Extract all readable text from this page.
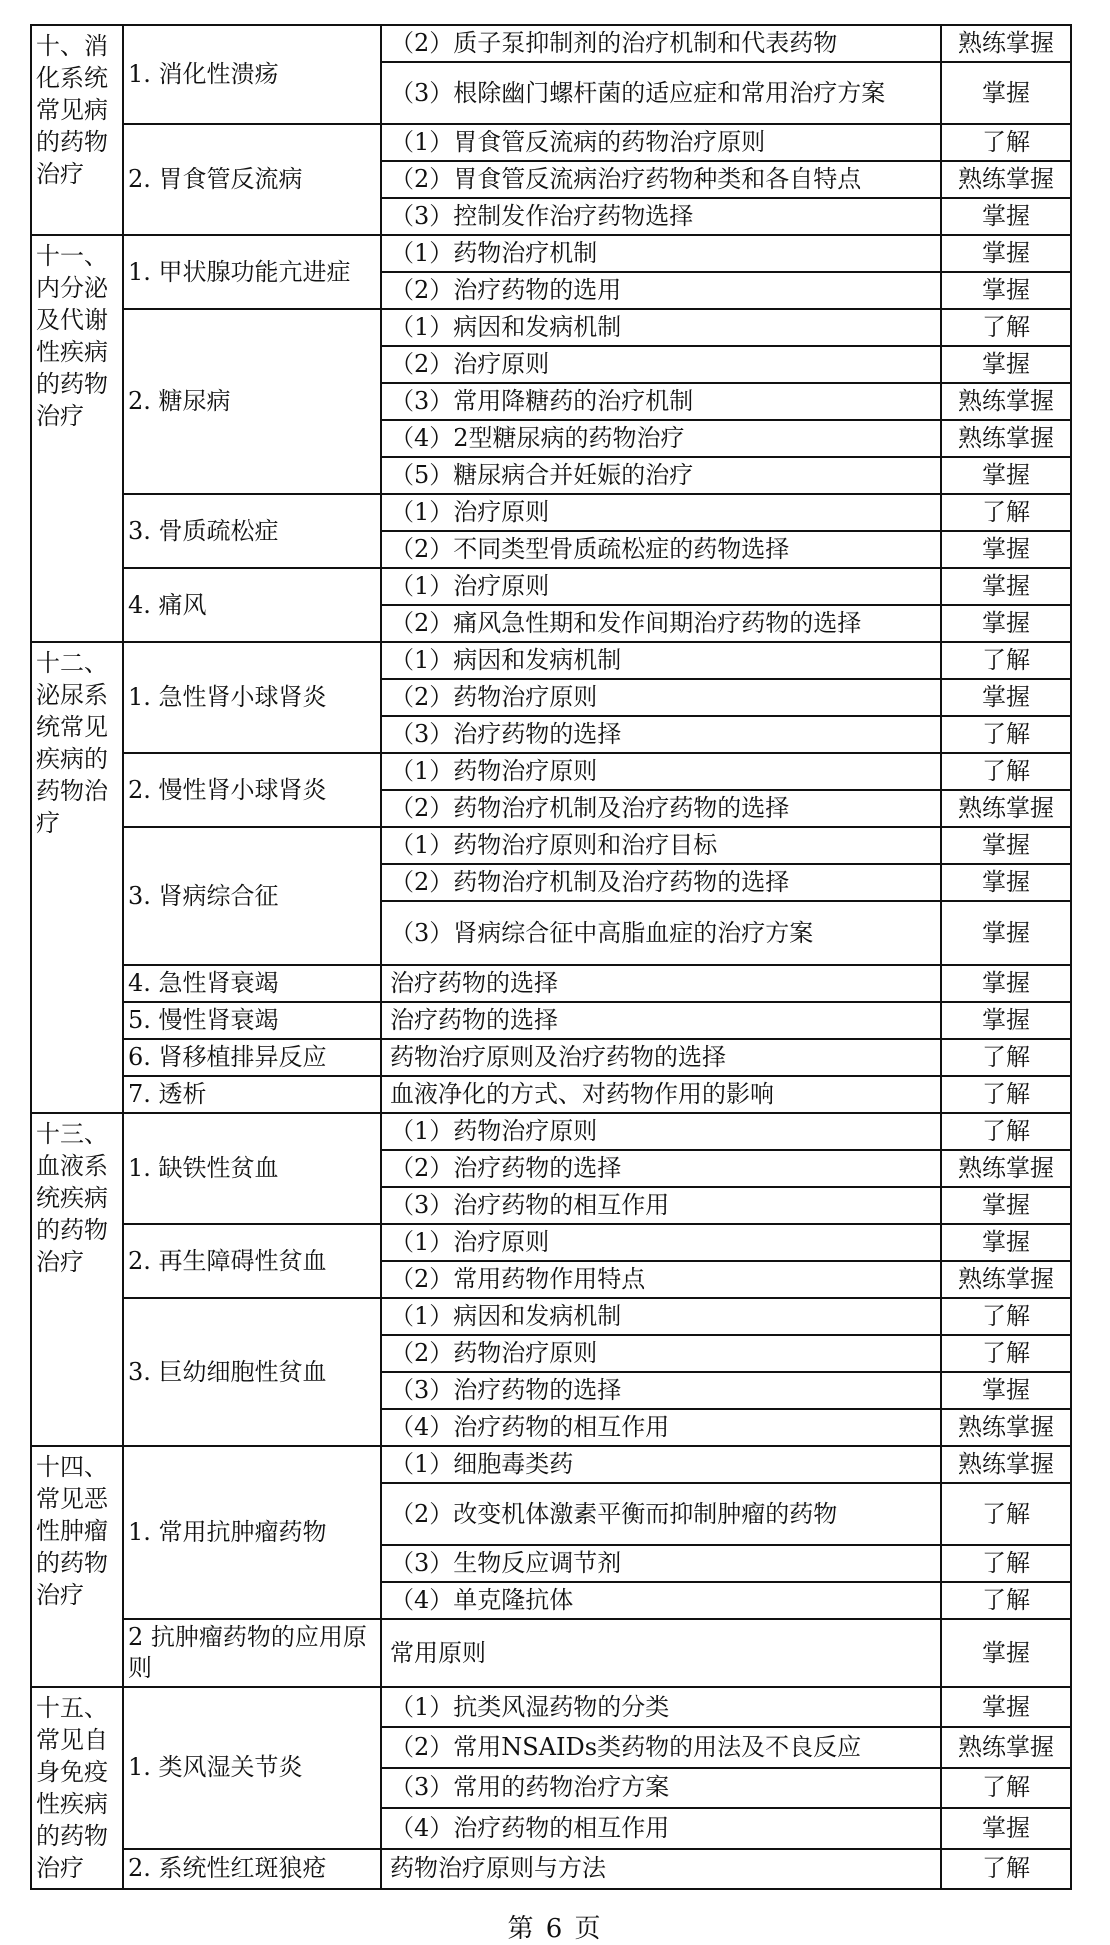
十、消化系统常见病的药物治疗	1. 消化性溃疡	（2）质子泵抑制剂的治疗机制和代表药物	熟练掌握
		（3）根除幽门螺杆菌的适应症和常用治疗方案	掌握
	2. 胃食管反流病	（1）胃食管反流病的药物治疗原则	了解
		（2）胃食管反流病治疗药物种类和各自特点	熟练掌握
		（3）控制发作治疗药物选择	掌握
十一、内分泌及代谢性疾病的药物治疗	1. 甲状腺功能亢进症	（1）药物治疗机制	掌握
		（2）治疗药物的选用	掌握
	2. 糖尿病	（1）病因和发病机制	了解
		（2）治疗原则	掌握
		（3）常用降糖药的治疗机制	熟练掌握
		（4）2型糖尿病的药物治疗	熟练掌握
		（5）糖尿病合并妊娠的治疗	掌握
	3. 骨质疏松症	（1）治疗原则	了解
		（2）不同类型骨质疏松症的药物选择	掌握
	4. 痛风	（1）治疗原则	掌握
		（2）痛风急性期和发作间期治疗药物的选择	掌握
十二、泌尿系统常见疾病的药物治疗	1. 急性肾小球肾炎	（1）病因和发病机制	了解
		（2）药物治疗原则	掌握
		（3）治疗药物的选择	了解
	2. 慢性肾小球肾炎	（1）药物治疗原则	了解
		（2）药物治疗机制及治疗药物的选择	熟练掌握
	3. 肾病综合征	（1）药物治疗原则和治疗目标	掌握
		（2）药物治疗机制及治疗药物的选择	掌握
		（3）肾病综合征中高脂血症的治疗方案	掌握
	4. 急性肾衰竭	治疗药物的选择	掌握
	5. 慢性肾衰竭	治疗药物的选择	掌握
	6. 肾移植排异反应	药物治疗原则及治疗药物的选择	了解
	7. 透析	血液净化的方式、对药物作用的影响	了解
十三、血液系统疾病的药物治疗	1. 缺铁性贫血	（1）药物治疗原则	了解
		（2）治疗药物的选择	熟练掌握
		（3）治疗药物的相互作用	掌握
	2. 再生障碍性贫血	（1）治疗原则	掌握
		（2）常用药物作用特点	熟练掌握
	3. 巨幼细胞性贫血	（1）病因和发病机制	了解
		（2）药物治疗原则	了解
		（3）治疗药物的选择	掌握
		（4）治疗药物的相互作用	熟练掌握
十四、常见恶性肿瘤的药物治疗	1. 常用抗肿瘤药物	（1）细胞毒类药	熟练掌握
		（2）改变机体激素平衡而抑制肿瘤的药物	了解
		（3）生物反应调节剂	了解
		（4）单克隆抗体	了解
	2 抗肿瘤药物的应用原则	常用原则	掌握
十五、常见自身免疫性疾病的药物治疗	1. 类风湿关节炎	（1）抗类风湿药物的分类	掌握
		（2）常用NSAIDs类药物的用法及不良反应	熟练掌握
		（3）常用的药物治疗方案	了解
		（4）治疗药物的相互作用	掌握
	2. 系统性红斑狼疮	药物治疗原则与方法	了解
第 6 页
